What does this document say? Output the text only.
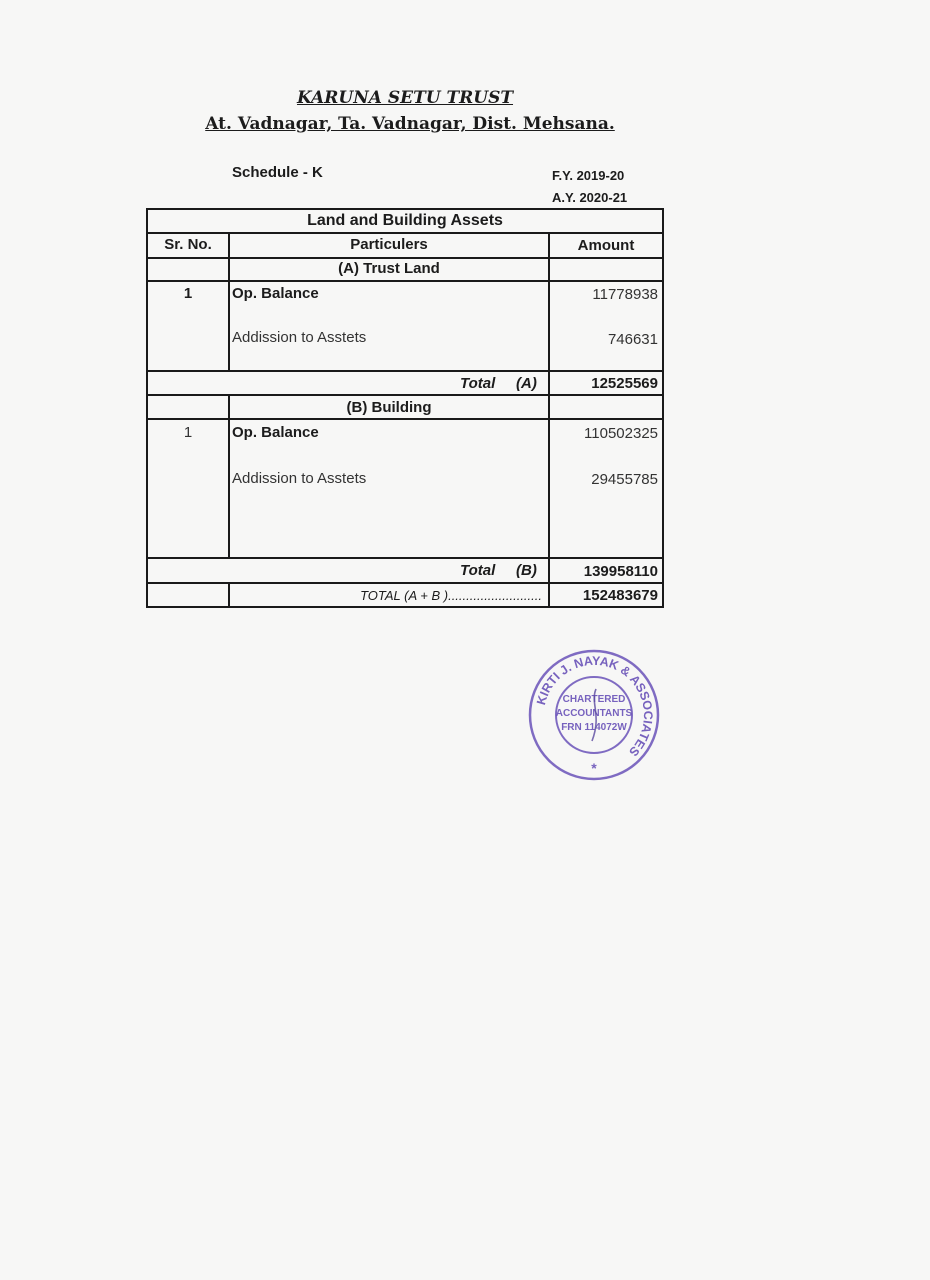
KARUNA SETU TRUST
At. Vadnagar, Ta. Vadnagar, Dist. Mehsana.
Schedule - K	F.Y. 2019-20
A.Y. 2020-21
Land and Building Assets
Sr. No.	Particulers	Amount
(A) Trust Land
1	Op. Balance	11778938
Addission to Asstets	746631
Total (A)	12525569
(B) Building
1	Op. Balance	110502325
Addission to Asstets	29455785
Total (B)	139958110
TOTAL (A + B )..........................	152483679
KIRTI J. NAYAK & ASSOCIATES
CHARTERED
ACCOUNTANTS
FRN 114072W
*
